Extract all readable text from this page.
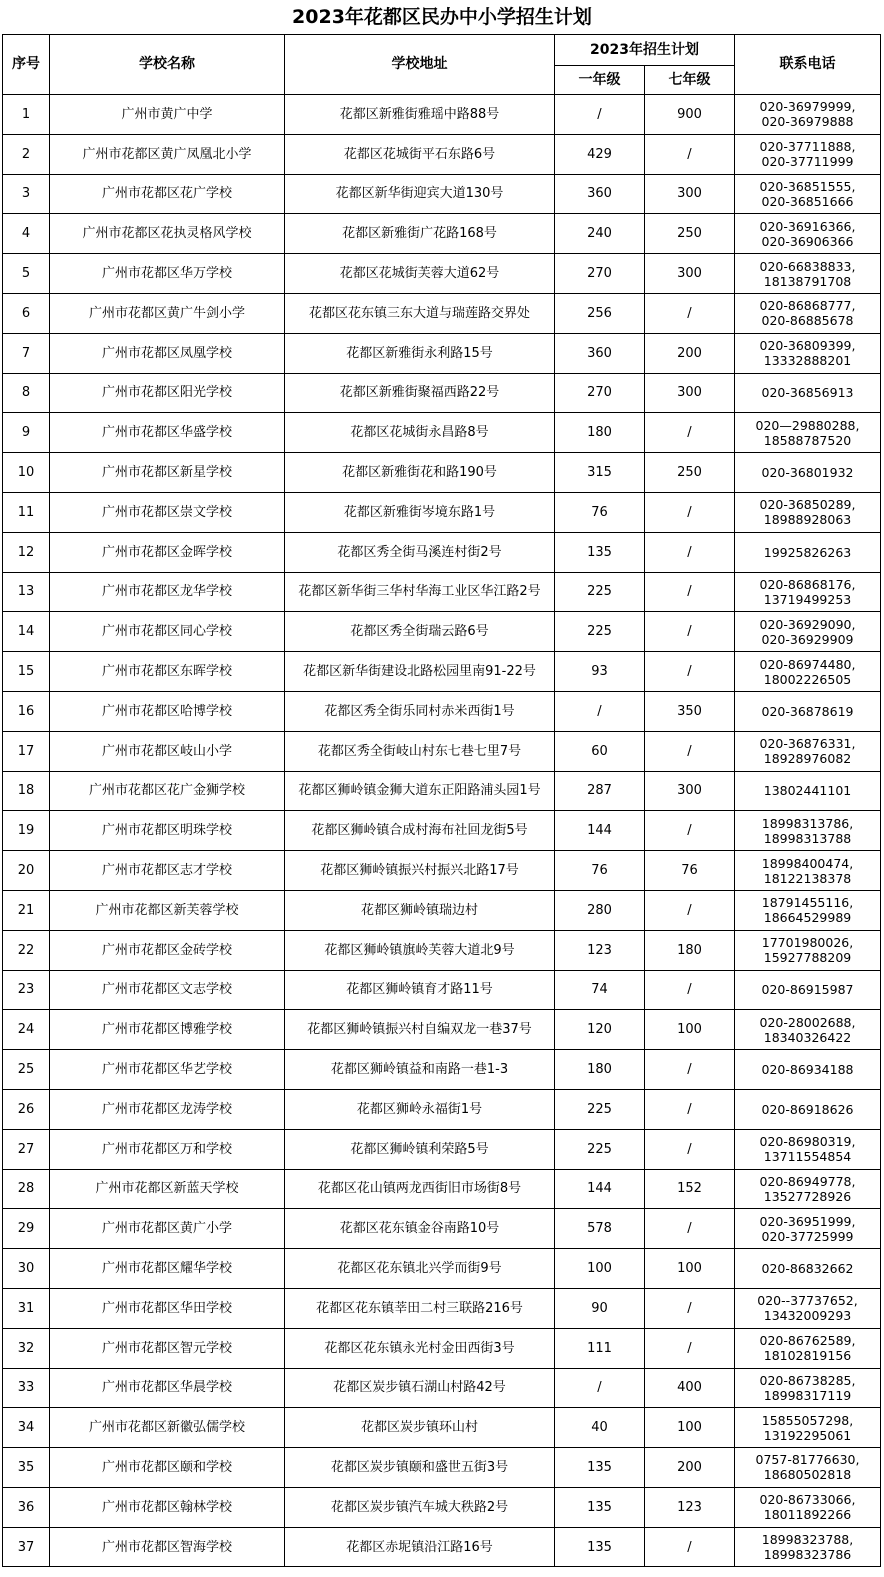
2023年花都区民办中小学招生计划
序号	学校名称	学校地址	2023年招生计划		联系电话
			一年级	七年级	
1	广州市黄广中学	花都区新雅街雅瑶中路88号	/	900	020-36979999,
020-36979888

2	广州市花都区黄广凤凰北小学	花都区花城街平石东路6号	429	/	020-37711888,
020-37711999

3	广州市花都区花广学校	花都区新华街迎宾大道130号	360	300	020-36851555,
020-36851666

4	广州市花都区花执灵格风学校	花都区新雅街广花路168号	240	250	020-36916366,
020-36906366

5	广州市花都区华万学校	花都区花城街芙蓉大道62号	270	300	020-66838833,
18138791708

6	广州市花都区黄广牛剑小学	花都区花东镇三东大道与瑞莲路交界处	256	/	020-86868777,
020-86885678

7	广州市花都区凤凰学校	花都区新雅街永利路15号	360	200	020-36809399,
13332888201

8	广州市花都区阳光学校	花都区新雅街聚福西路22号	270	300	020-36856913

9	广州市花都区华盛学校	花都区花城街永昌路8号	180	/	020—29880288,
18588787520

10	广州市花都区新星学校	花都区新雅街花和路190号	315	250	020-36801932

11	广州市花都区崇文学校	花都区新雅街岑境东路1号	76	/	020-36850289,
18988928063

12	广州市花都区金晖学校	花都区秀全街马溪连村街2号	135	/	19925826263

13	广州市花都区龙华学校	花都区新华街三华村华海工业区华江路2号	225	/	020-86868176,
13719499253

14	广州市花都区同心学校	花都区秀全街瑞云路6号	225	/	020-36929090,
020-36929909

15	广州市花都区东晖学校	花都区新华街建设北路松园里南91-22号	93	/	020-86974480,
18002226505

16	广州市花都区哈博学校	花都区秀全街乐同村赤米西街1号	/	350	020-36878619

17	广州市花都区岐山小学	花都区秀全街岐山村东七巷七里7号	60	/	020-36876331,
18928976082

18	广州市花都区花广金狮学校	花都区狮岭镇金狮大道东正阳路浦头园1号	287	300	13802441101

19	广州市花都区明珠学校	花都区狮岭镇合成村海布社回龙街5号	144	/	18998313786,
18998313788

20	广州市花都区志才学校	花都区狮岭镇振兴村振兴北路17号	76	76	18998400474,
18122138378

21	广州市花都区新芙蓉学校	花都区狮岭镇瑞边村	280	/	18791455116,
18664529989

22	广州市花都区金砖学校	花都区狮岭镇旗岭芙蓉大道北9号	123	180	17701980026,
15927788209

23	广州市花都区文志学校	花都区狮岭镇育才路11号	74	/	020-86915987

24	广州市花都区博雅学校	花都区狮岭镇振兴村自编双龙一巷37号	120	100	020-28002688,
18340326422

25	广州市花都区华艺学校	花都区狮岭镇益和南路一巷1-3	180	/	020-86934188

26	广州市花都区龙涛学校	花都区狮岭永福街1号	225	/	020-86918626

27	广州市花都区万和学校	花都区狮岭镇利荣路5号	225	/	020-86980319,
13711554854

28	广州市花都区新蓝天学校	花都区花山镇两龙西街旧市场街8号	144	152	020-86949778,
13527728926

29	广州市花都区黄广小学	花都区花东镇金谷南路10号	578	/	020-36951999,
020-37725999

30	广州市花都区耀华学校	花都区花东镇北兴学而街9号	100	100	020-86832662

31	广州市花都区华田学校	花都区花东镇莘田二村三联路216号	90	/	020--37737652,
13432009293

32	广州市花都区智元学校	花都区花东镇永光村金田西街3号	111	/	020-86762589,
18102819156

33	广州市花都区华晨学校	花都区炭步镇石湖山村路42号	/	400	020-86738285,
18998317119

34	广州市花都区新徽弘儒学校	花都区炭步镇环山村	40	100	15855057298,
13192295061

35	广州市花都区颐和学校	花都区炭步镇颐和盛世五街3号	135	200	0757-81776630,
18680502818

36	广州市花都区翰林学校	花都区炭步镇汽车城大秩路2号	135	123	020-86733066,
18011892266

37	广州市花都区智海学校	花都区赤坭镇沿江路16号	135	/	18998323788,
18998323786
